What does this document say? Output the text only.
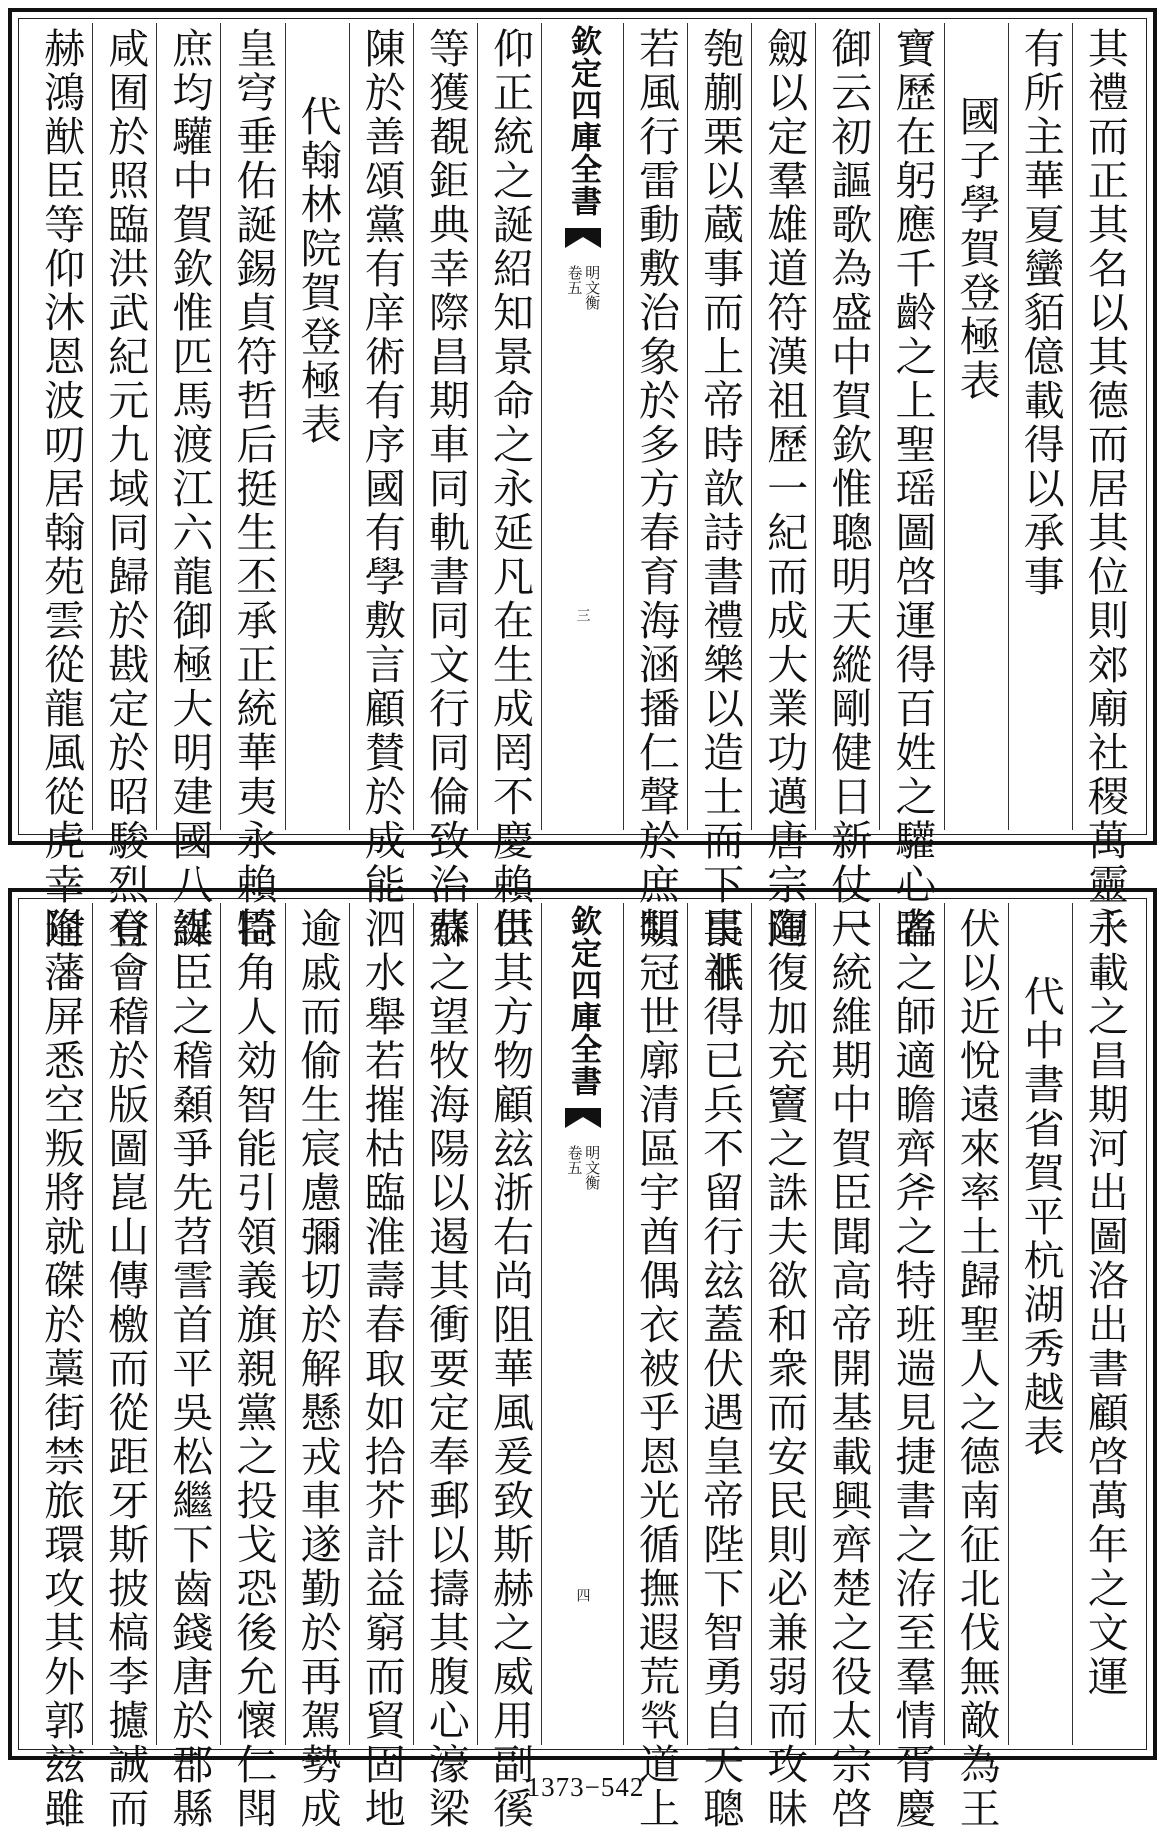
其禮而正其名以其德而居其位則郊廟社稷萬靈永
有所主華夏蠻貊億載得以承事
國子學賀登極表
寶歷在躬應千齡之上聖瑶圖啓運得百姓之驩心臨
御云初謳歌為盛中賀欽惟聰明天縱剛健日新仗尺
劔以定羣雄道符漢祖歷一紀而成大業功邁唐宗陶
匏蒯栗以蔵事而上帝時歆詩書禮樂以造士而下民祇
若風行雷動敷治象於多方春育海涵播仁聲於庶類
欽定四庫全書
明文衡
卷五
三
仰正統之誕紹知景命之永延凡在生成罔不慶賴臣
等獲覩鉅典幸際昌期車同軌書同文行同倫致治恭
陳於善頌黨有庠術有序國有學敷言顧賛於成能
代翰林院賀登極表
皇穹垂佑誕錫貞符哲后挺生丕承正統華夷永賴臣
庶均驩中賀欽惟匹馬渡江六龍御極大明建國八綖
咸囿於照臨洪武紀元九域同歸於戡定於昭駿烈有
赫鴻猷臣等仰沐恩波叨居翰苑雲從龍風從虎幸逢
千載之昌期河出圖洛出書顧啓萬年之文運
代中書省賀平杭湖秀越表
伏以近悅遠來率土歸聖人之德南征北伐無敵為王
者之師適瞻齊斧之特班遄見捷書之洊至羣情胥慶
一統維期中賀臣聞高帝開基載興齊楚之役太宗啓
運復加充竇之誅夫欲和衆而安民則必兼弱而攻昧
事非得已兵不留行玆蓋伏遇皇帝陛下智勇自天聰
明冠世廓清區宇酋偶衣被乎恩光循撫遐荒㷀道上
欽定四庫全書
明文衡
卷五
四
供其方物顧玆浙右尚阻華風爰致斯赫之威用副徯
蘇之望牧海陽以遏其衝要定奉郵以擣其腹心濠梁
泗水舉若摧枯臨淮壽春取如拾芥計益窮而貿固地
逾戚而偷生宸慮彌切於解懸戎車遂勤於再駕勢成
犄角人効智能引領義旗親黨之投戈恐後允懷仁閗
謀臣之稽顙爭先苕霅首平吳松繼下齒錢唐於郡縣
登會稽於版圖崑山傳檄而從距牙斯披槁李攄誠而
附藩屏悉空叛將就磔於藁街禁旅環攻其外郭玆雖	1373−542
